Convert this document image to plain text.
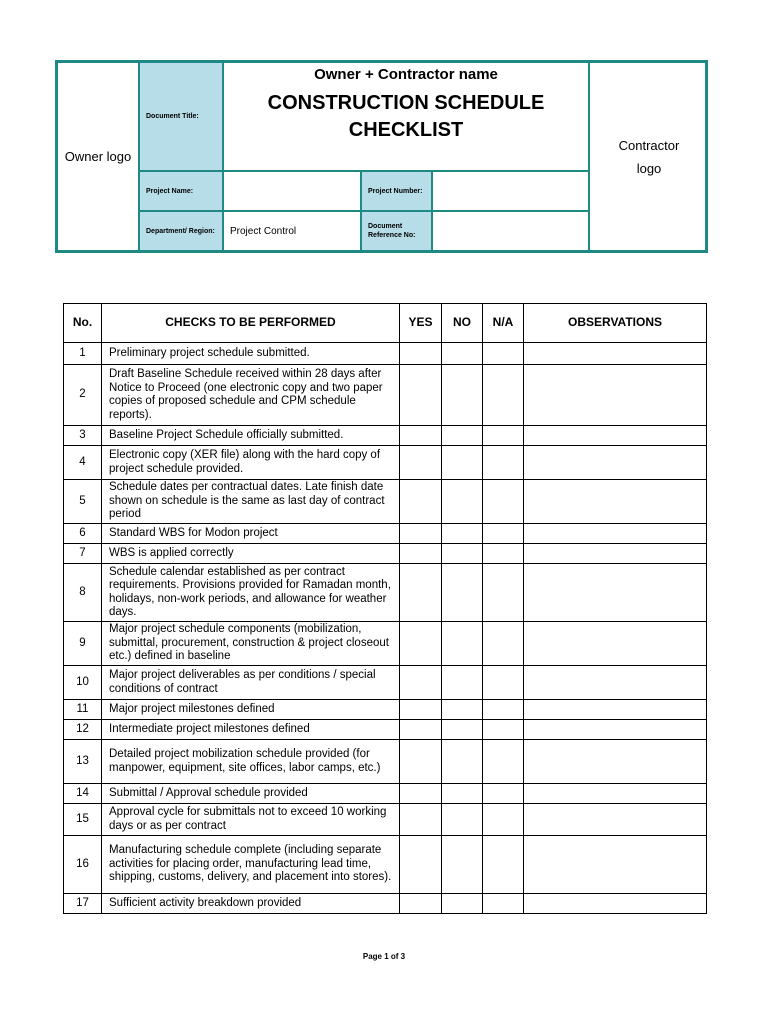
Owner logo
Document Title:
Owner + Contractor name
CONSTRUCTION SCHEDULE CHECKLIST
Contractor logo
Project Name:	Project Number:
Department/ Region:	Project Control	Document Reference No:
No.	CHECKS TO BE PERFORMED	YES	NO	N/A	OBSERVATIONS
1	Preliminary project schedule submitted.				
2	Draft Baseline Schedule received within 28 days after Notice to Proceed (one electronic copy and two paper copies of proposed schedule and CPM schedule reports).				
3	Baseline Project Schedule officially submitted.				
4	Electronic copy (XER file) along with the hard copy of project schedule provided.				
5	Schedule dates per contractual dates. Late finish date shown on schedule is the same as last day of contract period				
6	Standard WBS for Modon project				
7	WBS is applied correctly				
8	Schedule calendar established as per contract requirements. Provisions provided for Ramadan month, holidays, non-work periods, and allowance for weather days.				
9	Major project schedule components (mobilization, submittal, procurement, construction & project closeout etc.) defined in baseline				
10	Major project deliverables as per conditions / special conditions of contract				
11	Major project milestones defined				
12	Intermediate project milestones defined				
13	Detailed project mobilization schedule provided (for manpower, equipment, site offices, labor camps, etc.)				
14	Submittal / Approval schedule provided				
15	Approval cycle for submittals not to exceed 10 working days or as per contract				
16	Manufacturing schedule complete (including separate activities for placing order, manufacturing lead time, shipping, customs, delivery, and placement into stores).				
17	Sufficient activity breakdown provided				
Page 1 of 3
